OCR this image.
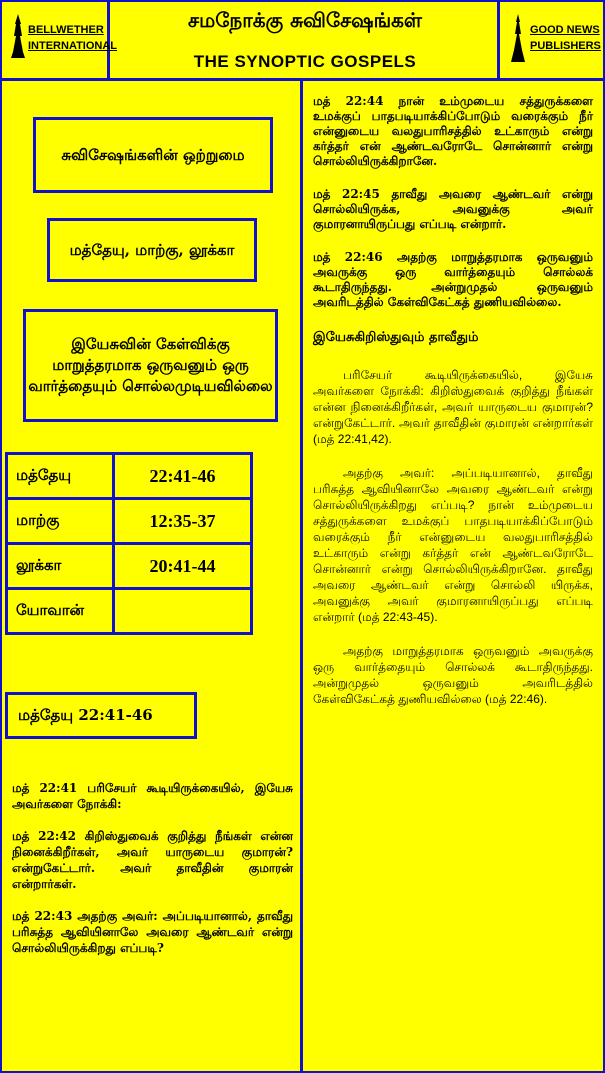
BELLWETHER
INTERNATIONAL
சமநோக்கு சுவிசேஷங்கள்
THE SYNOPTIC GOSPELS
GOOD NEWS
PUBLISHERS
சுவிசேஷங்களின் ஒற்றுமை
மத்தேயு, மாற்கு, லூக்கா
இயேசுவின் கேள்விக்கு மாறுத்தரமாக ஒருவனும் ஒரு வார்த்தையும் சொல்லமுடியவில்லை
மத்தேயு	22:41-46
மாற்கு	12:35-37
லூக்கா	20:41-44
யோவான்	
மத்தேயு 22:41-46

மத் 22:41 பரிசேயர் கூடியிருக்கையில், இயேசு அவர்களை நோக்கி:

மத் 22:42 கிறிஸ்துவைக் குறித்து நீங்கள் என்ன நினைக்கிறீர்கள், அவர் யாருடைய குமாரன்? என்றுகேட்டார். அவர் தாவீதின் குமாரன் என்றார்கள்.

மத் 22:43 அதற்கு அவர்: அப்படியானால், தாவீது பரிசுத்த ஆவியினாலே அவரை ஆண்டவர் என்று சொல்லியிருக்கிறது எப்படி?

மத் 22:44 நான் உம்முடைய சத்துருக்களை உமக்குப் பாதபடியாக்கிப்போடும் வரைக்கும் நீர் என்னுடைய வலதுபாரிசத்தில் உட்காரும் என்று கர்த்தர் என் ஆண்டவரோடே சொன்னார் என்று சொல்லியிருக்கிறானே.

மத் 22:45 தாவீது அவரை ஆண்டவர் என்று சொல்லியிருக்க, அவனுக்கு அவர் குமாரனாயிருப்பது எப்படி என்றார்.

மத் 22:46 அதற்கு மாறுத்தரமாக ஒருவனும் அவருக்கு ஒரு வார்த்தையும் சொல்லக் கூடாதிருந்தது. அன்றுமுதல் ஒருவனும் அவரிடத்தில் கேள்விகேட்கத் துணியவில்லை.

இயேசுகிறிஸ்துவும் தாவீதும்

பரிசேயர் கூடியிருக்கையில், இயேசு அவர்களை நோக்கி: கிறிஸ்துவைக் குறித்து நீங்கள் என்ன நினைக்கிறீர்கள், அவர் யாருடைய குமாரன்? என்றுகேட்டார். அவர் தாவீதின் குமாரன் என்றார்கள் (மத் 22:41,42).

அதற்கு அவர்: அப்படியானால், தாவீது பரிசுத்த ஆவியினாலே அவரை ஆண்டவர் என்று சொல்லியிருக்கிறது எப்படி? நான் உம்முடைய சத்துருக்களை உமக்குப் பாதபடியாக்கிப்போடும் வரைக்கும் நீர் என்னுடைய வலதுபாரிசத்தில் உட்காரும் என்று கர்த்தர் என் ஆண்டவரோடே சொன்னார் என்று சொல்லியிருக்கிறானே. தாவீது அவரை ஆண்டவர் என்று சொல்லி யிருக்க, அவனுக்கு அவர் குமாரனாயிருப்பது எப்படி என்றார் (மத் 22:43-45).

அதற்கு மாறுத்தரமாக ஒருவனும் அவருக்கு ஒரு வார்த்தையும் சொல்லக் கூடாதிருந்தது. அன்றுமுதல் ஒருவனும் அவரிடத்தில் கேள்விகேட்கத் துணியவில்லை (மத் 22:46).
